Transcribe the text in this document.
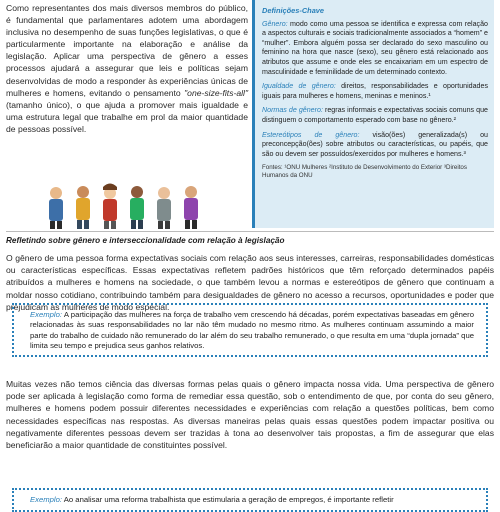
Como representantes dos mais diversos membros do público, é fundamental que parlamentares adotem uma abordagem inclusiva no desempenho de suas funções legislativas, o que é particularmente importante na elaboração e análise da legislação. Aplicar uma perspectiva de gênero a esses processos ajudará a assegurar que leis e políticas sejam desenvolvidas de modo a responder às experiências únicas de mulheres e homens, evitando o pensamento "one-size-fits-all" (tamanho único), o que ajuda a promover mais igualdade e uma estrutura legal que trabalhe em prol da maior quantidade de pessoas possível.

Definições-Chave
Gênero: modo como uma pessoa se identifica e expressa com relação a aspectos culturais e sociais tradicionalmente associados a “homem” e “mulher”. Embora alguém possa ser declarado do sexo masculino ou feminino na hora que nasce (sexo), seu gênero está relacionado aos atributos que assume e onde eles se encaixariam em um espectro de masculinidade e feminilidade de um determinado contexto.
Igualdade de gênero: direitos, responsabilidades e oportunidades iguais para mulheres e homens, meninas e meninos.¹
Normas de gênero: regras informais e expectativas sociais comuns que distinguem o comportamento esperado com base no gênero.²
Estereótipos de gênero: visão(ões) generalizada(s) ou preconcepção(ões) sobre atributos ou características, ou papéis, que são ou devem ser possuídos/exercidos por mulheres e homens.³
Fontes: ¹ONU Mulheres ²Instituto de Desenvolvimento do Exterior ³Direitos Humanos da ONU
Refletindo sobre gênero e interseccionalidade com relação à legislação

O gênero de uma pessoa forma expectativas sociais com relação aos seus interesses, carreiras, responsabilidades domésticas ou características específicas. Essas expectativas refletem padrões históricos que têm reforçado determinados papéis atribuídos a mulheres e homens na sociedade, o que também levou a normas e estereótipos de gênero que continuam a moldar nosso cotidiano, contribuindo também para desigualdades de gênero no acesso a recursos, oportunidades e poder que prejudicam as mulheres de modo especial.

Exemplo: A participação das mulheres na força de trabalho vem crescendo há décadas, porém expectativas baseadas em gênero relacionadas às suas responsabilidades no lar não têm mudado no mesmo ritmo. As mulheres continuam assumindo a maior parte do trabalho de cuidado não remunerado do lar além do seu trabalho remunerado, o que resulta em uma “dupla jornada” que limita seu tempo e prejudica seus ganhos relativos.

Muitas vezes não temos ciência das diversas formas pelas quais o gênero impacta nossa vida. Uma perspectiva de gênero pode ser aplicada à legislação como forma de remediar essa questão, sob o entendimento de que, por conta do seu gênero, mulheres e homens podem possuir diferentes necessidades e experiências com relação a questões políticas, bem como necessidades específicas nas respostas. As diversas maneiras pelas quais essas questões podem impactar positiva ou negativamente diferentes pessoas devem ser trazidas à tona ao desenvolver tais propostas, a fim de assegurar que elas beneficiarão a maior quantidade de constituintes possível.

Exemplo: Ao analisar uma reforma trabalhista que estimularia a geração de empregos, é importante refletir
